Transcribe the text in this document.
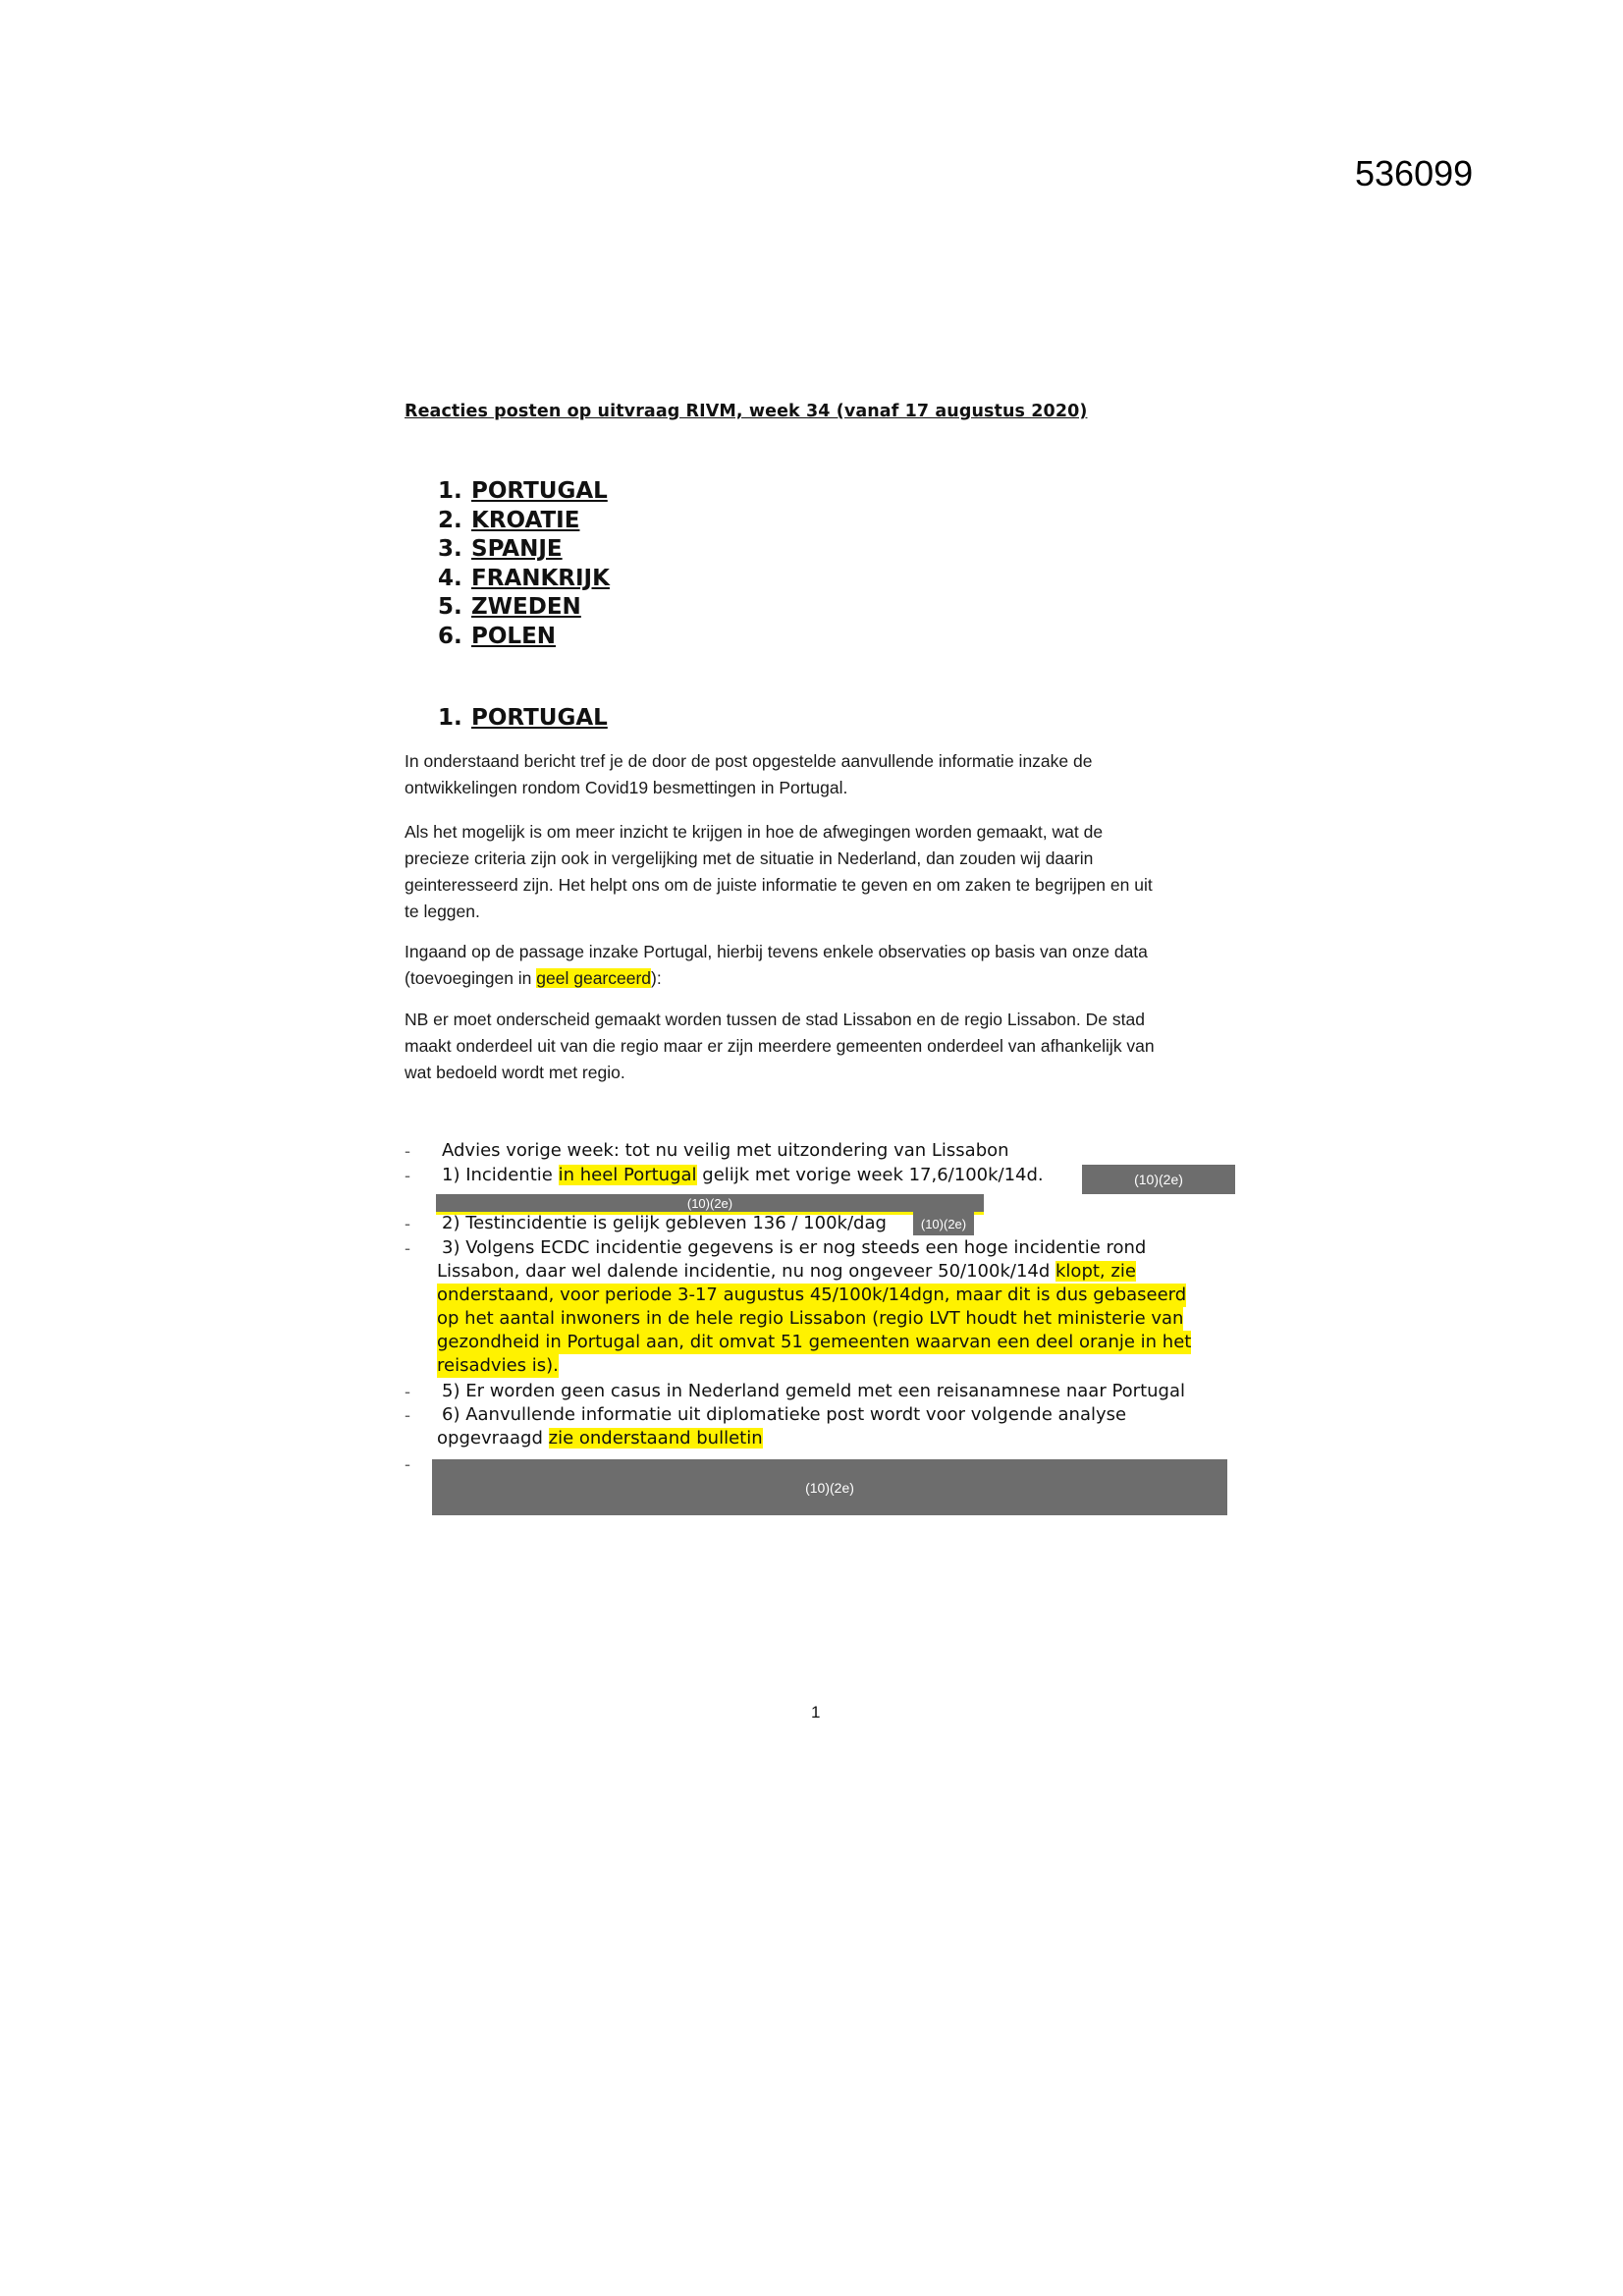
536099
Reacties posten op uitvraag RIVM, week 34 (vanaf 17 augustus 2020)
1. PORTUGAL
2. KROATIE
3. SPANJE
4. FRANKRIJK
5. ZWEDEN
6. POLEN
1. PORTUGAL

In onderstaand bericht tref je de door de post opgestelde aanvullende informatie inzake de

ontwikkelingen rondom Covid19 besmettingen in Portugal.

Als het mogelijk is om meer inzicht te krijgen in hoe de afwegingen worden gemaakt, wat de

precieze criteria zijn ook in vergelijking met de situatie in Nederland, dan zouden wij daarin

geinteresseerd zijn. Het helpt ons om de juiste informatie te geven en om zaken te begrijpen en uit

te leggen.

Ingaand op de passage inzake Portugal, hierbij tevens enkele observaties op basis van onze data

(toevoegingen in geel gearceerd):

NB er moet onderscheid gemaakt worden tussen de stad Lissabon en de regio Lissabon. De stad

maakt onderdeel uit van die regio maar er zijn meerdere gemeenten onderdeel van afhankelijk van

wat bedoeld wordt met regio.

- Advies vorige week: tot nu veilig met uitzondering van Lissabon
- 1) Incidentie in heel Portugal gelijk met vorige week 17,6/100k/14d.	(10)(2e)
(10)(2e)
- 2) Testincidentie is gelijk gebleven 136 / 100k/dag	(10)(2e)
- 3) Volgens ECDC incidentie gegevens is er nog steeds een hoge incidentie rond
Lissabon, daar wel dalende incidentie, nu nog ongeveer 50/100k/14d klopt, zie
onderstaand, voor periode 3-17 augustus 45/100k/14dgn, maar dit is dus gebaseerd
op het aantal inwoners in de hele regio Lissabon (regio LVT houdt het ministerie van
gezondheid in Portugal aan, dit omvat 51 gemeenten waarvan een deel oranje in het
reisadvies is).
- 5) Er worden geen casus in Nederland gemeld met een reisanamnese naar Portugal
- 6) Aanvullende informatie uit diplomatieke post wordt voor volgende analyse
opgevraagd zie onderstaand bulletin
-
(10)(2e)
1
